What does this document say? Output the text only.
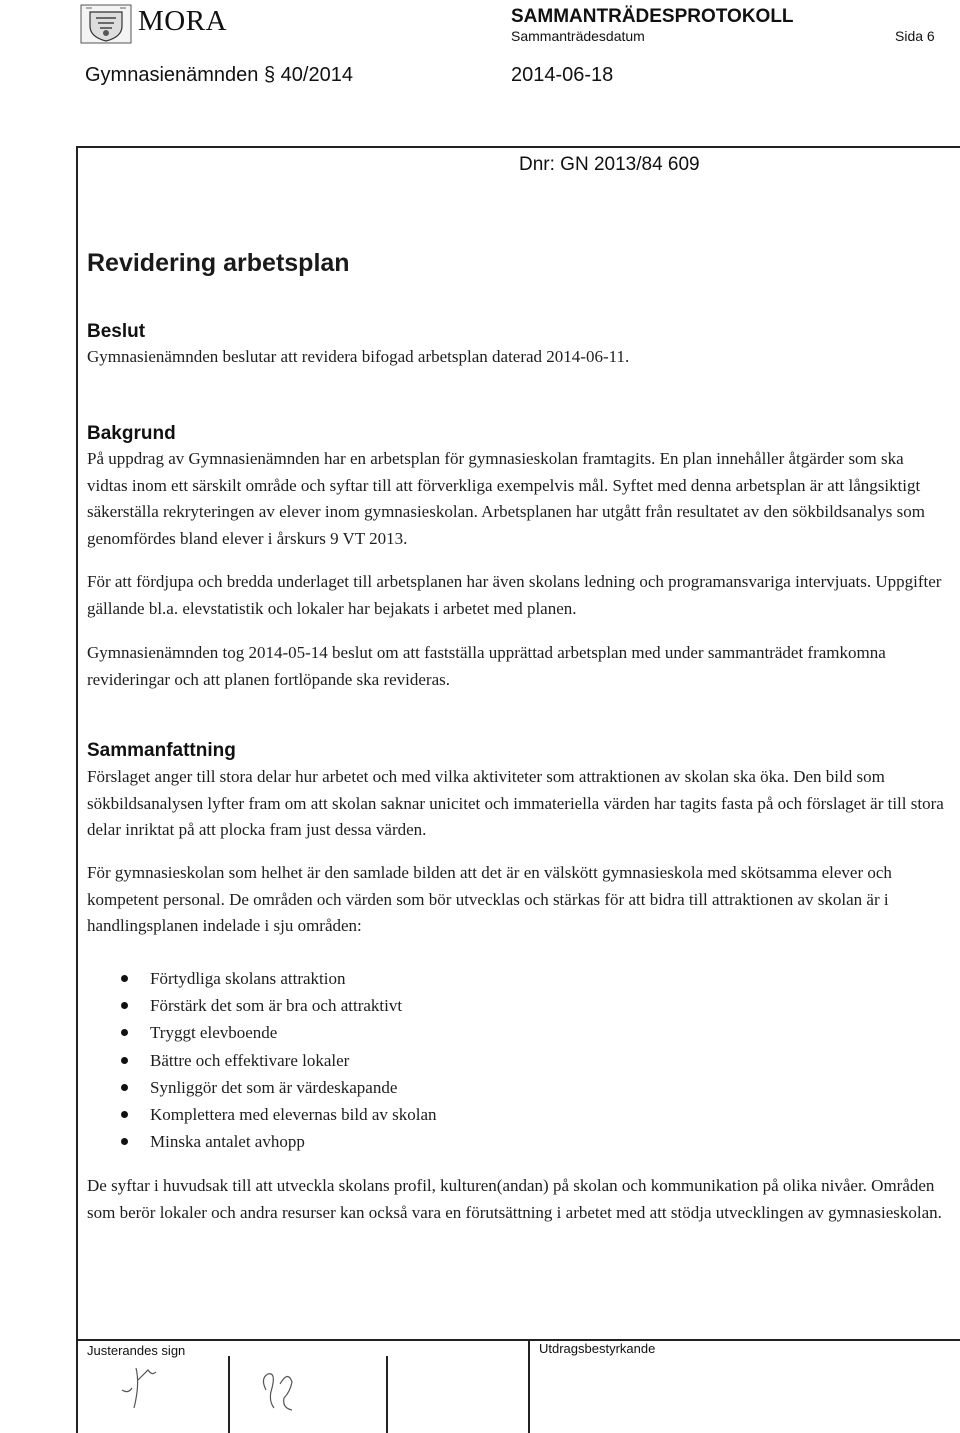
MORA	SAMMANTRÄDESPROTOKOLL
Sammanträdesdatum	Sida 6
Gymnasienämnden § 40/2014	2014-06-18
Dnr: GN 2013/84 609
Revidering arbetsplan
Beslut
Gymnasienämnden beslutar att revidera bifogad arbetsplan daterad 2014-06-11.
Bakgrund
På uppdrag av Gymnasienämnden har en arbetsplan för gymnasieskolan framtagits. En plan innehåller åtgärder som ska vidtas inom ett särskilt område och syftar till att förverkliga exempelvis mål. Syftet med denna arbetsplan är att långsiktigt säkerställa rekryteringen av elever inom gymnasieskolan. Arbetsplanen har utgått från resultatet av den sökbildsanalys som genomfördes bland elever i årskurs 9 VT 2013.
För att fördjupa och bredda underlaget till arbetsplanen har även skolans ledning och programansvariga intervjuats. Uppgifter gällande bl.a. elevstatistik och lokaler har bejakats i arbetet med planen.
Gymnasienämnden tog 2014-05-14 beslut om att fastställa upprättad arbetsplan med under sammanträdet framkomna revideringar och att planen fortlöpande ska revideras.
Sammanfattning
Förslaget anger till stora delar hur arbetet och med vilka aktiviteter som attraktionen av skolan ska öka. Den bild som sökbildsanalysen lyfter fram om att skolan saknar unicitet och immateriella värden har tagits fasta på och förslaget är till stora delar inriktat på att plocka fram just dessa värden.
För gymnasieskolan som helhet är den samlade bilden att det är en välskött gymnasieskola med skötsamma elever och kompetent personal. De områden och värden som bör utvecklas och stärkas för att bidra till attraktionen av skolan är i handlingsplanen indelade i sju områden:
Förtydliga skolans attraktion
Förstärk det som är bra och attraktivt
Tryggt elevboende
Bättre och effektivare lokaler
Synliggör det som är värdeskapande
Komplettera med elevernas bild av skolan
Minska antalet avhopp
De syftar i huvudsak till att utveckla skolans profil, kulturen(andan) på skolan och kommunikation på olika nivåer. Områden som berör lokaler och andra resurser kan också vara en förutsättning i arbetet med att stödja utvecklingen av gymnasieskolan.
Justerandes sign	Utdragsbestyrkande
